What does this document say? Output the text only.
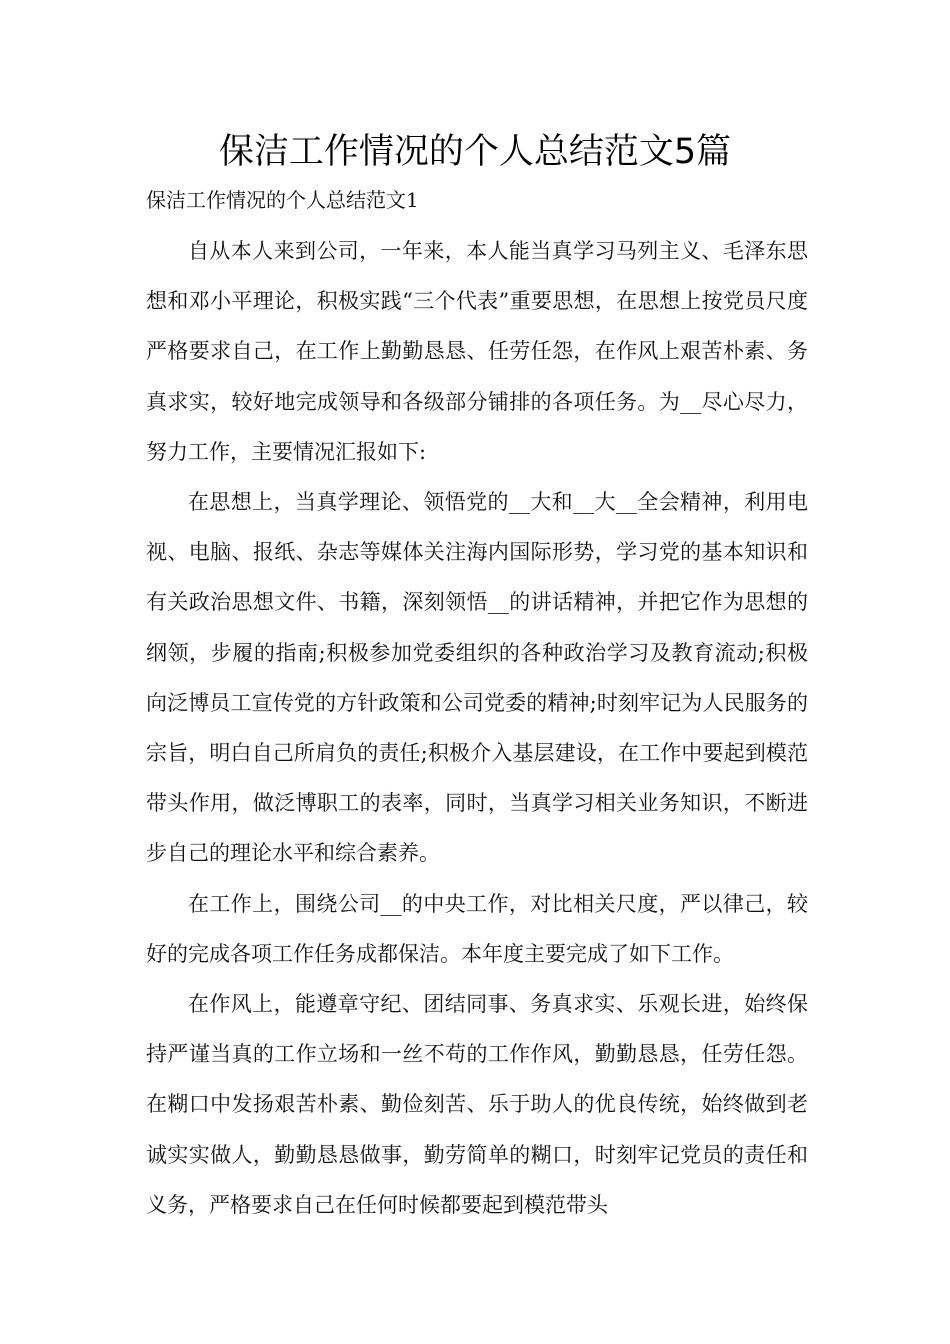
保洁工作情况的个人总结范文5篇

保洁工作情况的个人总结范文1

自从本人来到公司，一年来，本人能当真学习马列主义、毛泽东思想和邓小平理论，积极实践“三个代表”重要思想，在思想上按党员尺度严格要求自己，在工作上勤勤恳恳、任劳任怨，在作风上艰苦朴素、务真求实，较好地完成领导和各级部分铺排的各项任务。为__尽心尽力，努力工作，主要情况汇报如下:

在思想上，当真学理论、领悟党的__大和__大__全会精神，利用电视、电脑、报纸、杂志等媒体关注海内国际形势，学习党的基本知识和有关政治思想文件、书籍，深刻领悟__的讲话精神，并把它作为思想的纲领，步履的指南;积极参加党委组织的各种政治学习及教育流动;积极向泛博员工宣传党的方针政策和公司党委的精神;时刻牢记为人民服务的宗旨，明白自己所肩负的责任;积极介入基层建设，在工作中要起到模范带头作用，做泛博职工的表率，同时，当真学习相关业务知识，不断进步自己的理论水平和综合素养。

在工作上，围绕公司__的中央工作，对比相关尺度，严以律己，较好的完成各项工作任务成都保洁。本年度主要完成了如下工作。

在作风上，能遵章守纪、团结同事、务真求实、乐观长进，始终保持严谨当真的工作立场和一丝不苟的工作作风，勤勤恳恳，任劳任怨。在糊口中发扬艰苦朴素、勤俭刻苦、乐于助人的优良传统，始终做到老诚实实做人，勤勤恳恳做事，勤劳简单的糊口，时刻牢记党员的责任和义务，严格要求自己在任何时候都要起到模范带头
